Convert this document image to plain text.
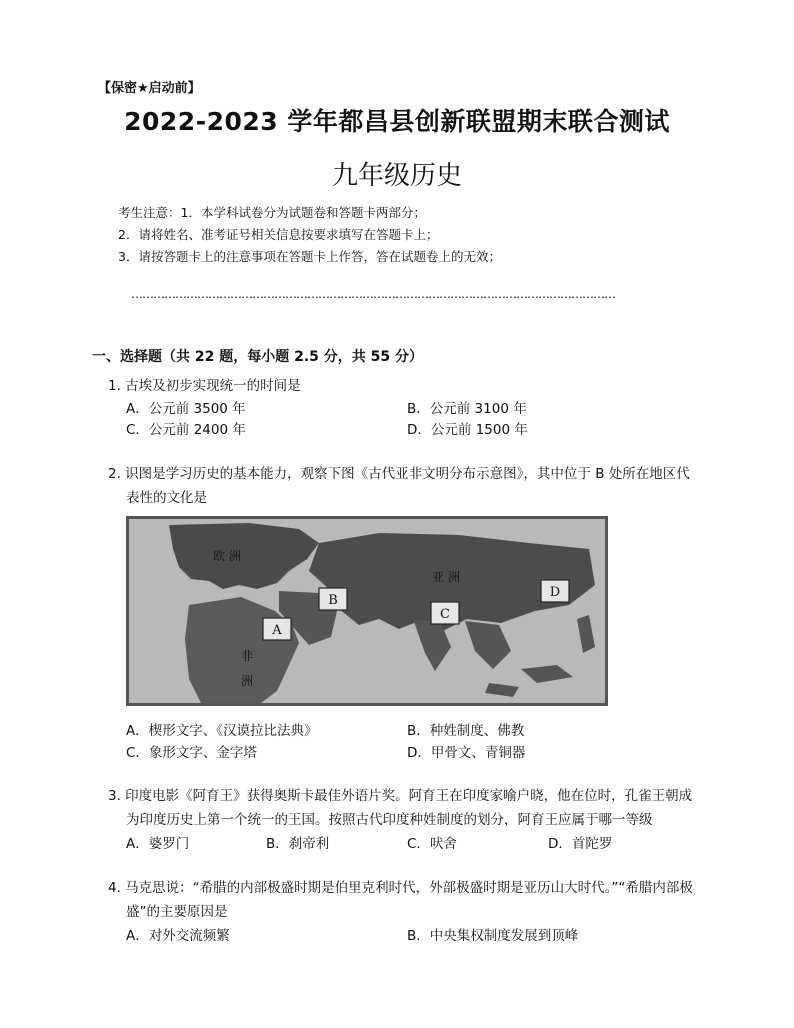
【保密★启动前】
2022-2023 学年都昌县创新联盟期末联合测试
九年级历史
考生注意：1．本学科试卷分为试题卷和答题卡两部分；
2．请将姓名、准考证号相关信息按要求填写在答题卡上；
3．请按答题卡上的注意事项在答题卡上作答，答在试题卷上的无效；
……………………………………………………………………………………………………………………
一、选择题（共 22 题，每小题 2.5 分，共 55 分）
1. 古埃及初步实现统一的时间是
A．公元前 3500 年	B．公元前 3100 年
C．公元前 2400 年	D．公元前 1500 年
2. 识图是学习历史的基本能力，观察下图《古代亚非文明分布示意图》，其中位于 B 处所在地区代
表性的文化是
欧 洲
亚 洲
非
洲
A
B
C
D
A．楔形文字、《汉谟拉比法典》	B．种姓制度、佛教
C．象形文字、金字塔	D．甲骨文、青铜器
3. 印度电影《阿育王》获得奥斯卡最佳外语片奖。阿育王在印度家喻户晓，他在位时，孔雀王朝成
为印度历史上第一个统一的王国。按照古代印度种姓制度的划分，阿育王应属于哪一等级
A．婆罗门	B．刹帝利	C．吠舍	D．首陀罗
4. 马克思说：“希腊的内部极盛时期是伯里克利时代，外部极盛时期是亚历山大时代。”“希腊内部极
盛”的主要原因是
A．对外交流频繁	B．中央集权制度发展到顶峰
